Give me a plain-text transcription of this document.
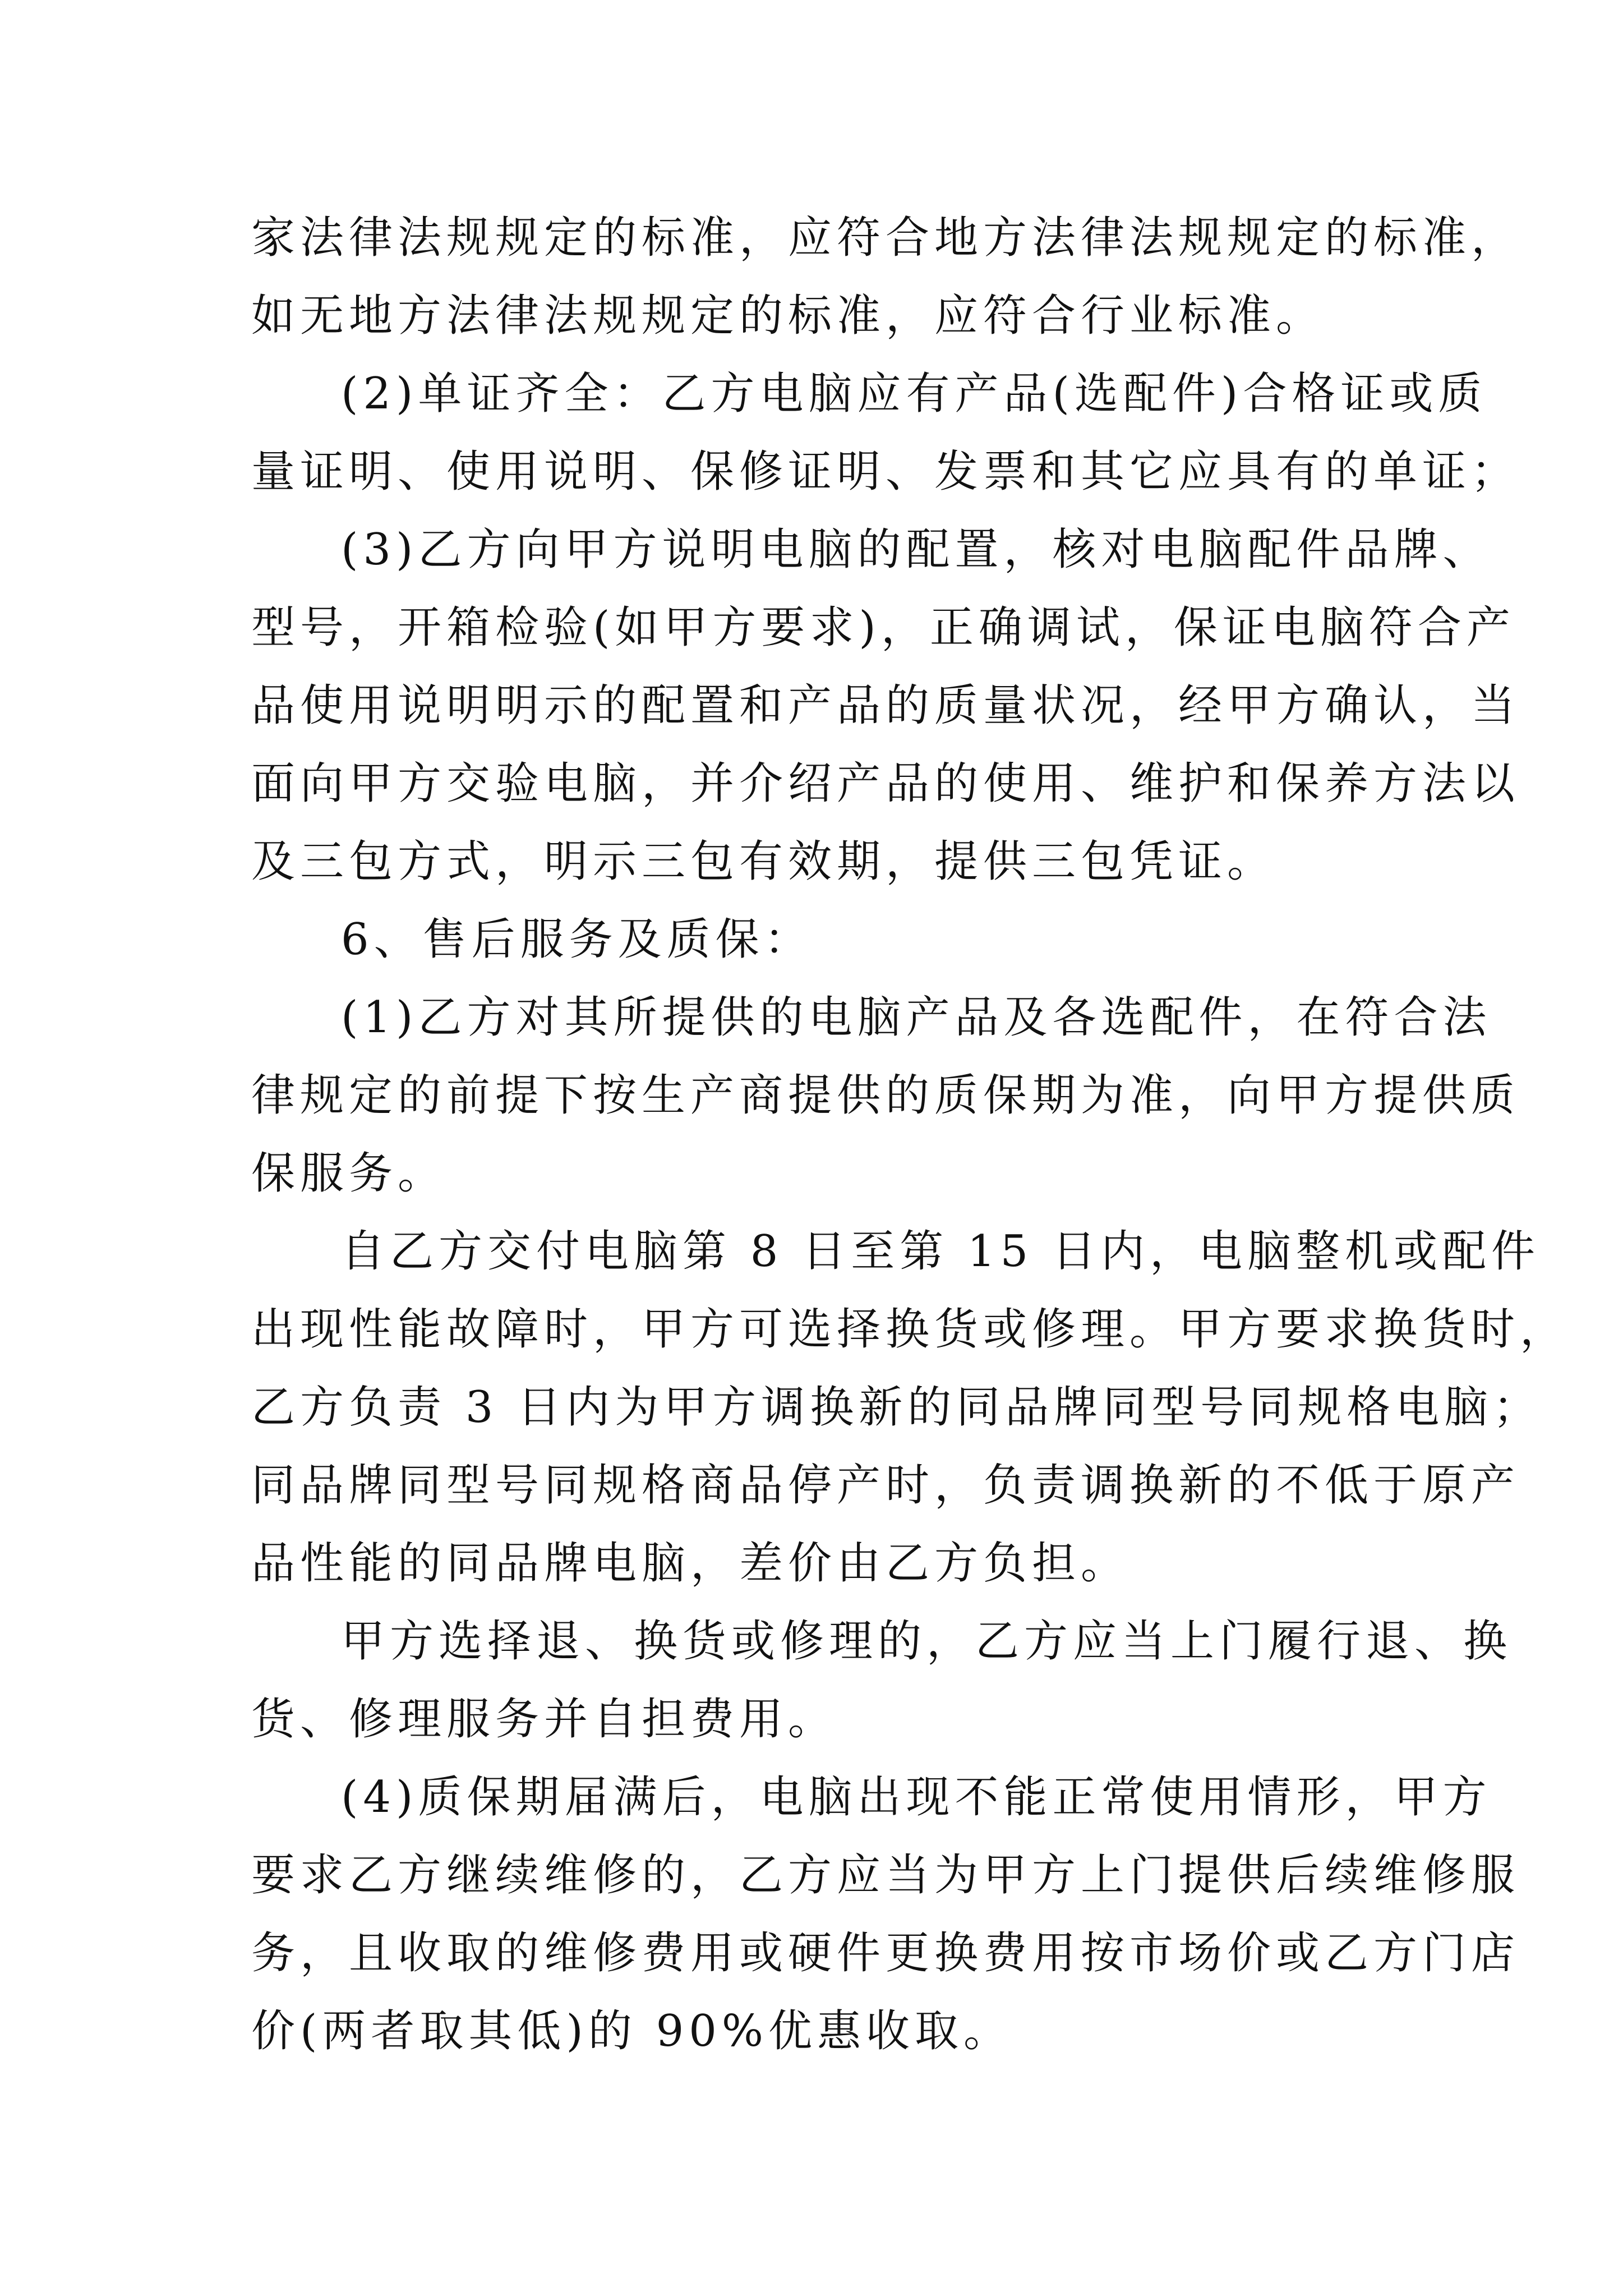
家法律法规规定的标准，应符合地方法律法规规定的标准，
如无地方法律法规规定的标准，应符合行业标准。
(2)单证齐全：乙方电脑应有产品(选配件)合格证或质
量证明、使用说明、保修证明、发票和其它应具有的单证；
(3)乙方向甲方说明电脑的配置，核对电脑配件品牌、
型号，开箱检验(如甲方要求)，正确调试，保证电脑符合产
品使用说明明示的配置和产品的质量状况，经甲方确认，当
面向甲方交验电脑，并介绍产品的使用、维护和保养方法以
及三包方式，明示三包有效期，提供三包凭证。
6、售后服务及质保：
(1)乙方对其所提供的电脑产品及各选配件，在符合法
律规定的前提下按生产商提供的质保期为准，向甲方提供质
保服务。
自乙方交付电脑第 8 日至第 15 日内，电脑整机或配件
出现性能故障时，甲方可选择换货或修理。甲方要求换货时，
乙方负责 3 日内为甲方调换新的同品牌同型号同规格电脑；
同品牌同型号同规格商品停产时，负责调换新的不低于原产
品性能的同品牌电脑，差价由乙方负担。
甲方选择退、换货或修理的，乙方应当上门履行退、换
货、修理服务并自担费用。
(4)质保期届满后，电脑出现不能正常使用情形，甲方
要求乙方继续维修的，乙方应当为甲方上门提供后续维修服
务，且收取的维修费用或硬件更换费用按市场价或乙方门店
价(两者取其低)的 90%优惠收取。
